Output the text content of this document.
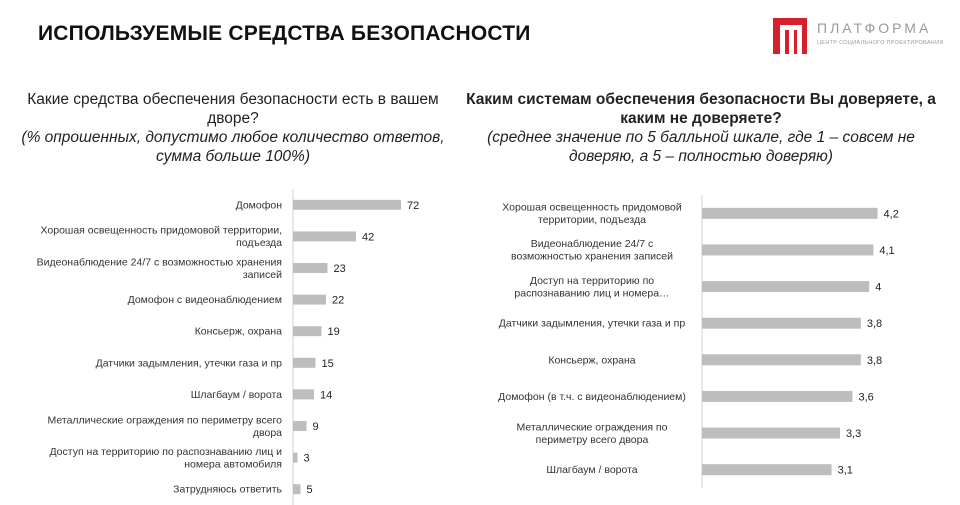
ИСПОЛЬЗУЕМЫЕ СРЕДСТВА БЕЗОПАСНОСТИ	ПЛАТФОРМА
ЦЕНТР СОЦИАЛЬНОГО ПРОЕКТИРОВАНИЯ
Какие средства обеспечения безопасности есть в вашем дворе?
(% опрошенных, допустимо любое количество ответов, сумма больше 100%)
Каким системам обеспечения безопасности Вы доверяете, а каким не доверяете?
(среднее значение по 5 балльной шкале, где 1 – совсем не доверяю, а 5 – полностью доверяю)
72
Домофон
42
Хорошая освещенность придомовой территории, подъезда
23
Видеонаблюдение 24/7 с возможностью хранения записей
22
Домофон с видеонаблюдением
19
Консьерж, охрана
15
Датчики задымления, утечки газа и пр
14
Шлагбаум / ворота
9
Металлические ограждения по периметру всего двора
3
Доступ на территорию по распознаванию лиц и номера автомобиля
5
Затрудняюсь ответить
4,2
Хорошая освещенность придомовой территории, подъезда
4,1
Видеонаблюдение 24/7 с возможностью хранения записей
4
Доступ на территорию по распознаванию лиц и номера…
3,8
Датчики задымления, утечки газа и пр
3,8
Консьерж, охрана
3,6
Домофон (в т.ч. с видеонаблюдением)
3,3
Металлические ограждения по периметру всего двора
3,1
Шлагбаум / ворота
